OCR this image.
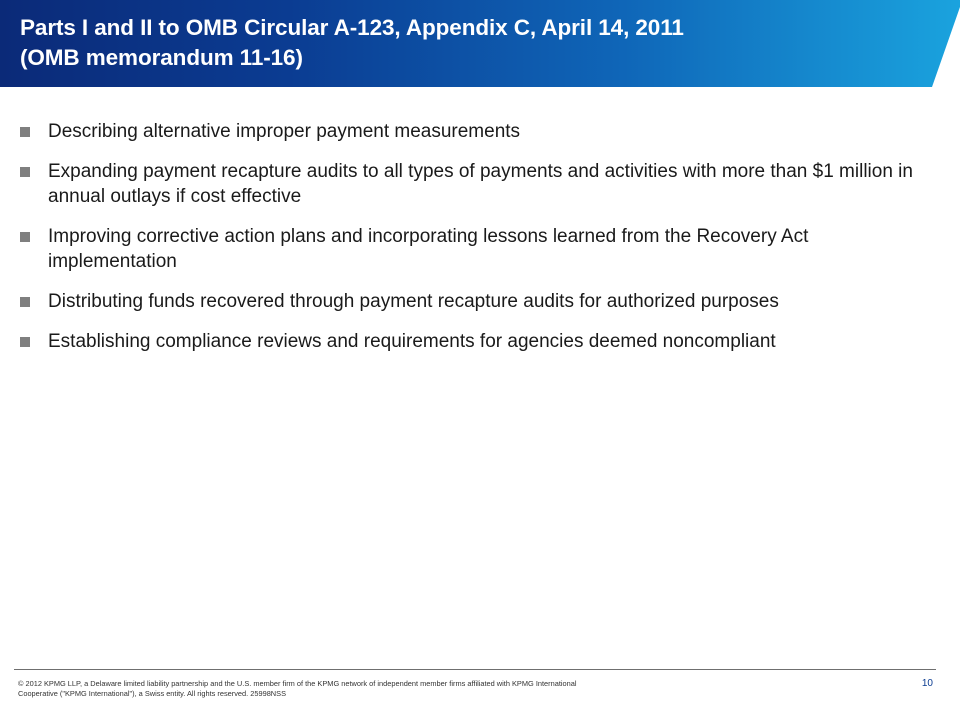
Parts I and II to OMB Circular A-123, Appendix C, April 14, 2011
(OMB memorandum 11-16)
Describing alternative improper payment measurements
Expanding payment recapture audits to all types of payments and activities with more than $1 million in annual outlays if cost effective
Improving corrective action plans and incorporating lessons learned from the Recovery Act implementation
Distributing funds recovered through payment recapture audits for authorized purposes
Establishing compliance reviews and requirements for agencies deemed noncompliant
© 2012 KPMG LLP, a Delaware limited liability partnership and the U.S. member firm of the KPMG network of independent member firms affiliated with KPMG International Cooperative ("KPMG International"), a Swiss entity. All rights reserved. 25998NSS
10
